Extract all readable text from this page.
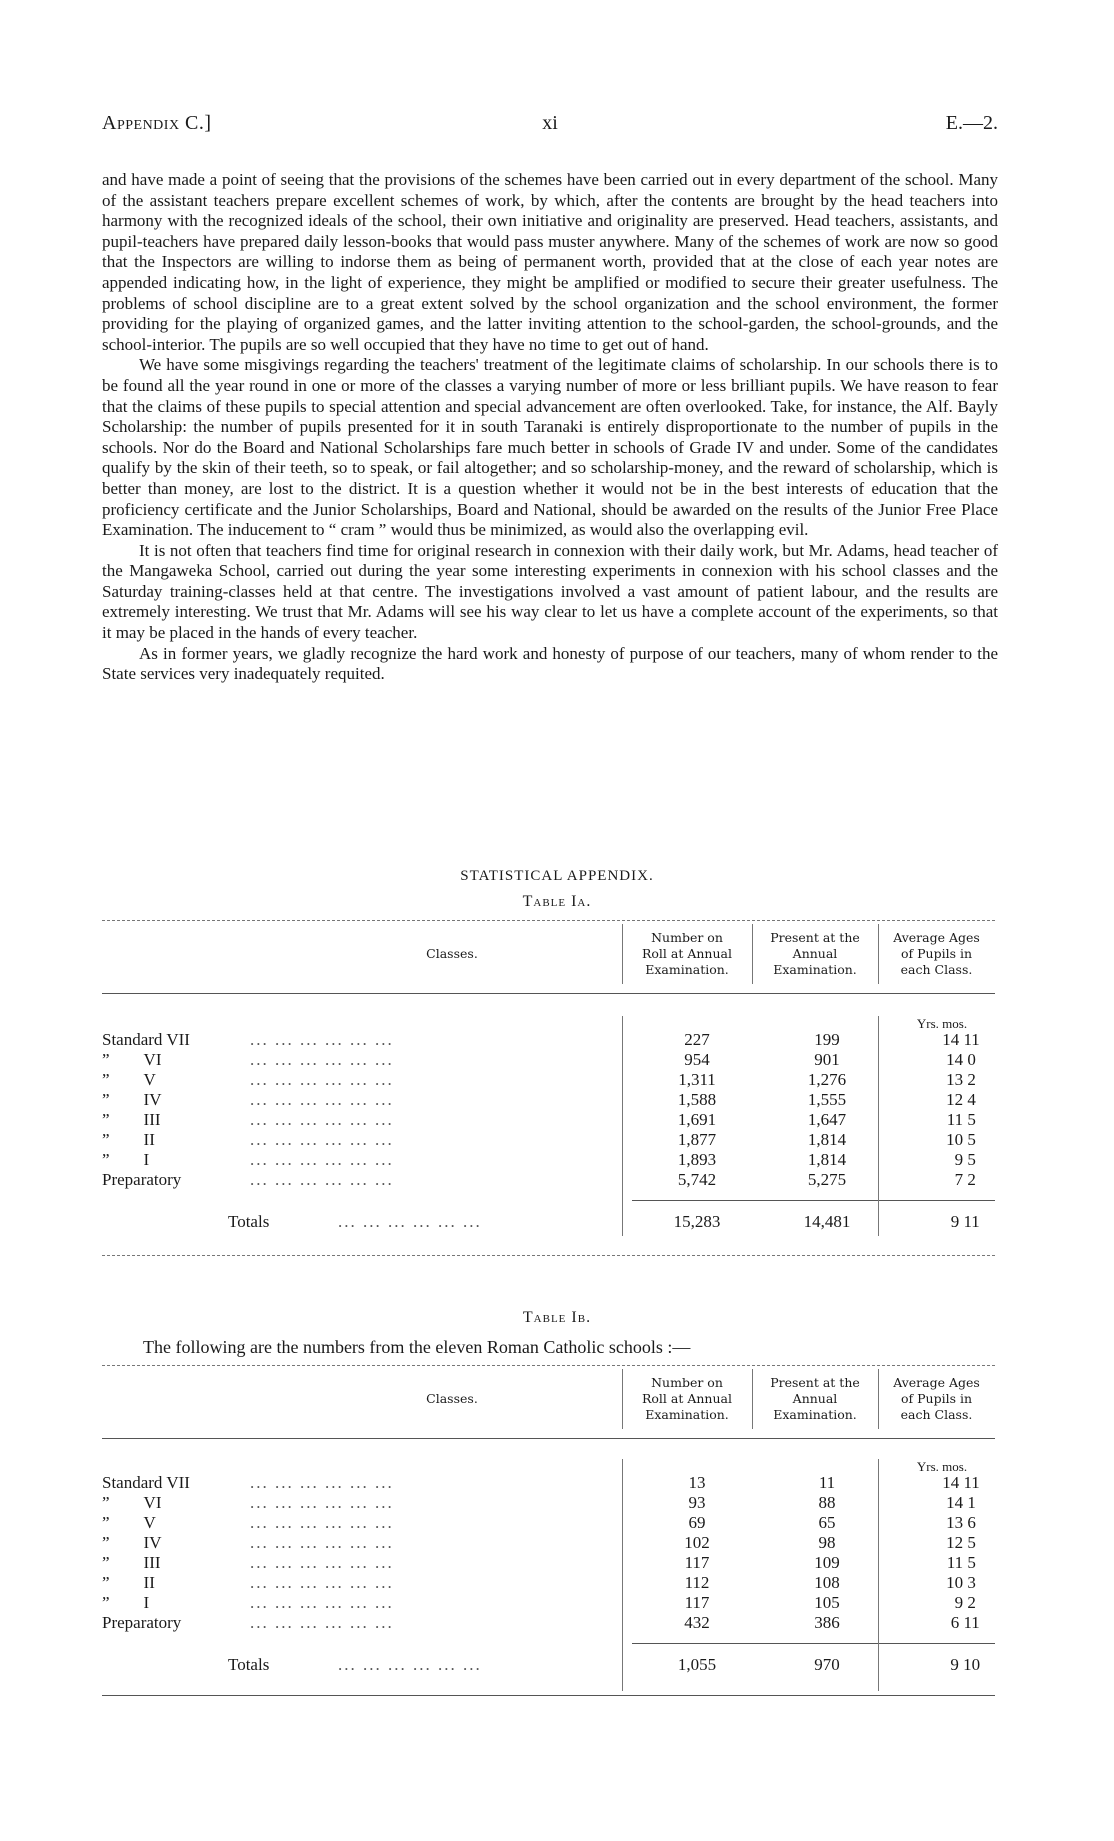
Appendix C.]	xi	E.—2.

and have made a point of seeing that the provisions of the schemes have been carried out in every department of the school. Many of the assistant teachers prepare excellent schemes of work, by which, after the contents are brought by the head teachers into harmony with the recognized ideals of the school, their own initiative and originality are preserved. Head teachers, assistants, and pupil-teachers have prepared daily lesson-books that would pass muster anywhere. Many of the schemes of work are now so good that the Inspectors are willing to indorse them as being of permanent worth, provided that at the close of each year notes are appended indicating how, in the light of experience, they might be amplified or modified to secure their greater usefulness. The problems of school discipline are to a great extent solved by the school organization and the school environment, the former providing for the playing of organized games, and the latter inviting attention to the school-garden, the school-grounds, and the school-interior. The pupils are so well occupied that they have no time to get out of hand.

We have some misgivings regarding the teachers' treatment of the legitimate claims of scholarship. In our schools there is to be found all the year round in one or more of the classes a varying number of more or less brilliant pupils. We have reason to fear that the claims of these pupils to special attention and special advancement are often overlooked. Take, for instance, the Alf. Bayly Scholarship: the number of pupils presented for it in south Taranaki is entirely disproportionate to the number of pupils in the schools. Nor do the Board and National Scholarships fare much better in schools of Grade IV and under. Some of the candidates qualify by the skin of their teeth, so to speak, or fail altogether; and so scholarship-money, and the reward of scholarship, which is better than money, are lost to the district. It is a question whether it would not be in the best interests of education that the proficiency certificate and the Junior Scholarships, Board and National, should be awarded on the results of the Junior Free Place Examination. The inducement to “ cram ” would thus be minimized, as would also the overlapping evil.

It is not often that teachers find time for original research in connexion with their daily work, but Mr. Adams, head teacher of the Mangaweka School, carried out during the year some interesting experiments in connexion with his school classes and the Saturday training-classes held at that centre. The investigations involved a vast amount of patient labour, and the results are extremely interesting. We trust that Mr. Adams will see his way clear to let us have a complete account of the experiments, so that it may be placed in the hands of every teacher.

As in former years, we gladly recognize the hard work and honesty of purpose of our teachers, many of whom render to the State services very inadequately requited.

STATISTICAL APPENDIX.
Table Ia.
Classes.
Number on
Roll at Annual
Examination.
Present at the
Annual
Examination.
Average Ages
of Pupils in
each Class.
Yrs. mos.
Standard VII	... ... ... ... ... ...	227	199	14 11
” VI	... ... ... ... ... ...	954	901	14 0
” V	... ... ... ... ... ...	1,311	1,276	13 2
” IV	... ... ... ... ... ...	1,588	1,555	12 4
” III	... ... ... ... ... ...	1,691	1,647	11 5
” II	... ... ... ... ... ...	1,877	1,814	10 5
” I	... ... ... ... ... ...	1,893	1,814	9 5
Preparatory	... ... ... ... ... ...	5,742	5,275	7 2
Totals	... ... ... ... ... ...	15,283	14,481	9 11
Table Ib.
The following are the numbers from the eleven Roman Catholic schools :—
Classes.
Number on
Roll at Annual
Examination.
Present at the
Annual
Examination.
Average Ages
of Pupils in
each Class.
Yrs. mos.
Standard VII	... ... ... ... ... ...	13	11	14 11
” VI	... ... ... ... ... ...	93	88	14 1
” V	... ... ... ... ... ...	69	65	13 6
” IV	... ... ... ... ... ...	102	98	12 5
” III	... ... ... ... ... ...	117	109	11 5
” II	... ... ... ... ... ...	112	108	10 3
” I	... ... ... ... ... ...	117	105	9 2
Preparatory	... ... ... ... ... ...	432	386	6 11
Totals	... ... ... ... ... ...	1,055	970	9 10
